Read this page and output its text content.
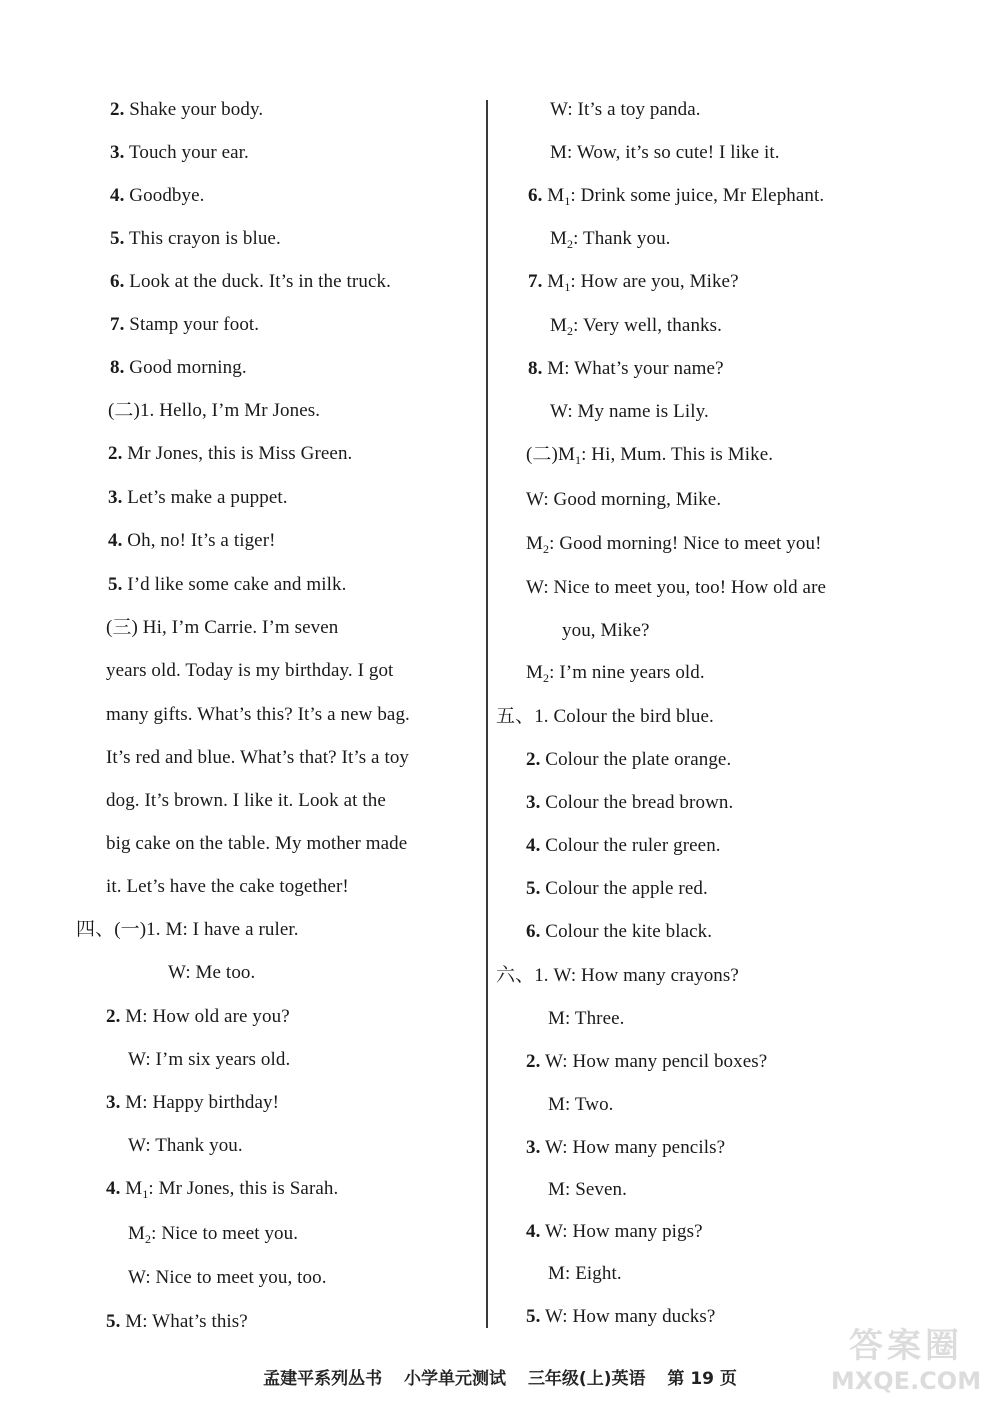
2. Shake your body.
3. Touch your ear.
4. Goodbye.
5. This crayon is blue.
6. Look at the duck. It’s in the truck.
7. Stamp your foot.
8. Good morning.
(二)1. Hello, I’m Mr Jones.
2. Mr Jones, this is Miss Green.
3. Let’s make a puppet.
4. Oh, no! It’s a tiger!
5. I’d like some cake and milk.
(三) Hi, I’m Carrie. I’m seven
years old. Today is my birthday. I got
many gifts. What’s this? It’s a new bag.
It’s red and blue. What’s that? It’s a toy
dog. It’s brown. I like it. Look at the
big cake on the table. My mother made
it. Let’s have the cake together!
四、(一)1. M: I have a ruler.
W: Me too.
2. M: How old are you?
W: I’m six years old.
3. M: Happy birthday!
W: Thank you.
4. $M_1$: Mr Jones, this is Sarah.
$M_2$: Nice to meet you.
W: Nice to meet you, too.
5. M: What’s this?
W: It’s a toy panda.
M: Wow, it’s so cute! I like it.
6. $M_1$: Drink some juice, Mr Elephant.
$M_2$: Thank you.
7. $M_1$: How are you, Mike?
$M_2$: Very well, thanks.
8. M: What’s your name?
W: My name is Lily.
(二)$M_1$: Hi, Mum. This is Mike.
W: Good morning, Mike.
$M_2$: Good morning! Nice to meet you!
W: Nice to meet you, too! How old are
you, Mike?
$M_2$: I’m nine years old.
五、1. Colour the bird blue.
2. Colour the plate orange.
3. Colour the bread brown.
4. Colour the ruler green.
5. Colour the apple red.
6. Colour the kite black.
六、1. W: How many crayons?
M: Three.
2. W: How many pencil boxes?
M: Two.
3. W: How many pencils?
M: Seven.
4. W: How many pigs?
M: Eight.
5. W: How many ducks?
孟建平系列丛书 小学单元测试 三年级(上)英语 第 19 页
答案圈
MXQE.COM
